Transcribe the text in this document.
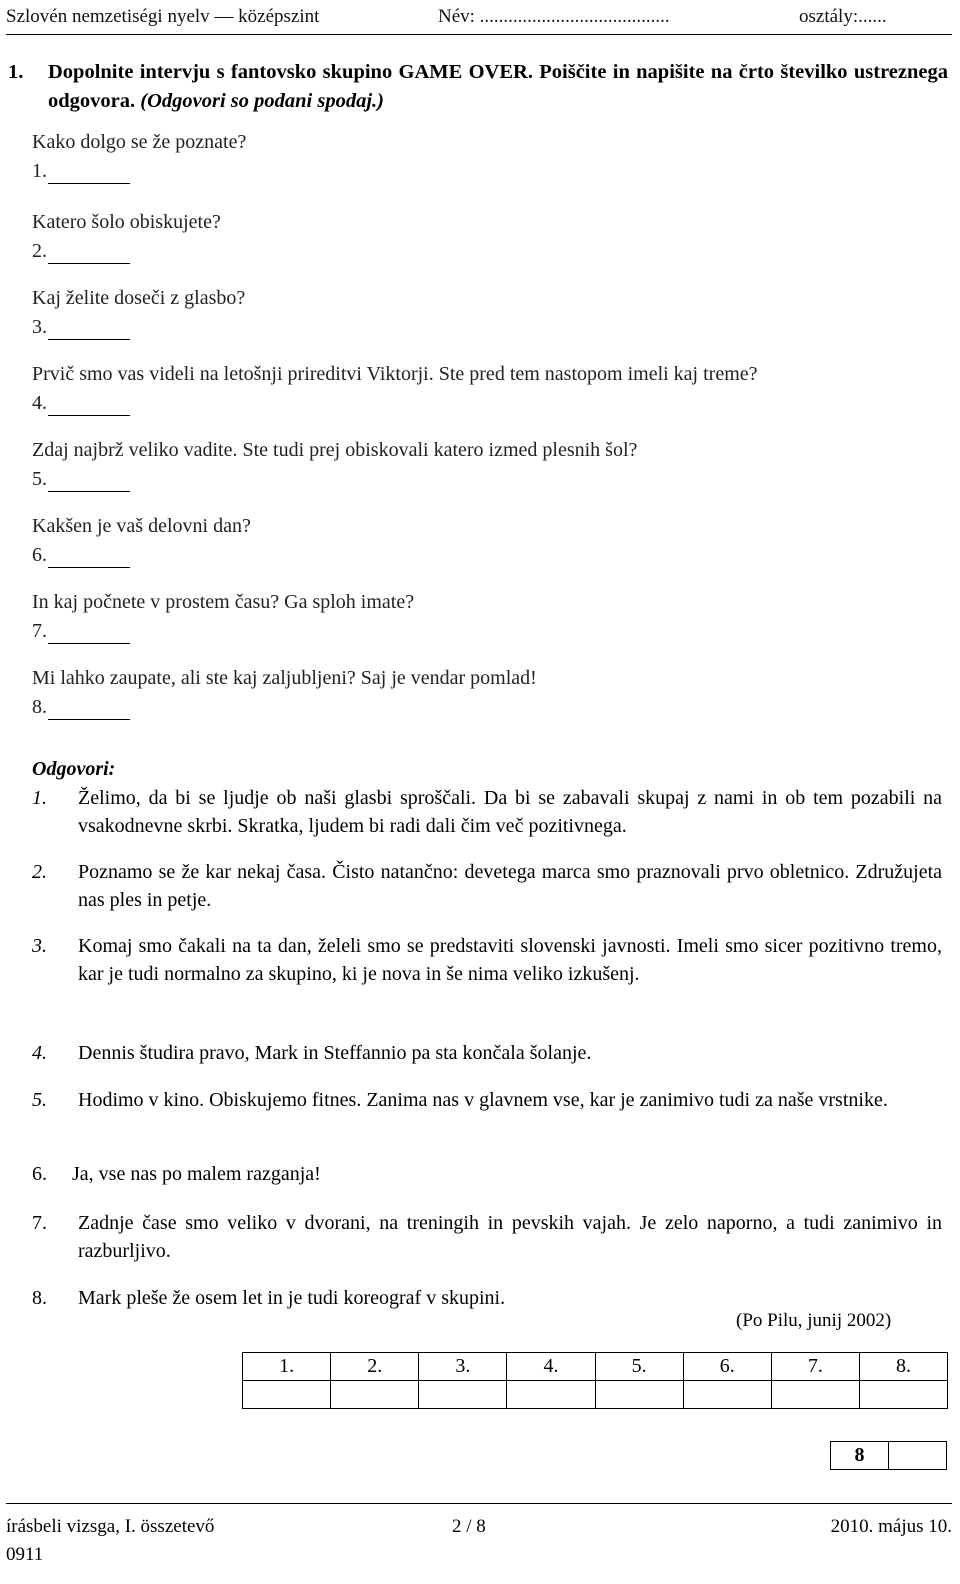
Szlovén nemzetiségi nyelv — középszint	Név: ........................................	osztály:......
1. Dopolnite intervju s fantovsko skupino GAME OVER. Poiščite in napišite na črto številko ustreznega odgovora. (Odgovori so podani spodaj.)
Kako dolgo se že poznate?
1.
Katero šolo obiskujete?
2.
Kaj želite doseči z glasbo?
3.
Prvič smo vas videli na letošnji prireditvi Viktorji. Ste pred tem nastopom imeli kaj treme?
4.
Zdaj najbrž veliko vadite. Ste tudi prej obiskovali katero izmed plesnih šol?
5.
Kakšen je vaš delovni dan?
6.
In kaj počnete v prostem času? Ga sploh imate?
7.
Mi lahko zaupate, ali ste kaj zaljubljeni? Saj je vendar pomlad!
8.
Odgovori:
1. Želimo, da bi se ljudje ob naši glasbi sproščali. Da bi se zabavali skupaj z nami in ob tem pozabili na vsakodnevne skrbi. Skratka, ljudem bi radi dali čim več pozitivnega.
2. Poznamo se že kar nekaj časa. Čisto natančno: devetega marca smo praznovali prvo obletnico. Združujeta nas ples in petje.
3. Komaj smo čakali na ta dan, želeli smo se predstaviti slovenski javnosti. Imeli smo sicer pozitivno tremo, kar je tudi normalno za skupino, ki je nova in še nima veliko izkušenj.
4. Dennis študira pravo, Mark in Steffannio pa sta končala šolanje.
5. Hodimo v kino. Obiskujemo fitnes. Zanima nas v glavnem vse, kar je zanimivo tudi za naše vrstnike.
6. Ja, vse nas po malem razganja!
7. Zadnje čase smo veliko v dvorani, na treningih in pevskih vajah. Je zelo naporno, a tudi zanimivo in razburljivo.
8. Mark pleše že osem let in je tudi koreograf v skupini.
(Po Pilu, junij 2002)
1.	2.	3.	4.	5.	6.	7.	8.

8	
írásbeli vizsga, I. összetevő
0911
2 / 8	2010. május 10.
